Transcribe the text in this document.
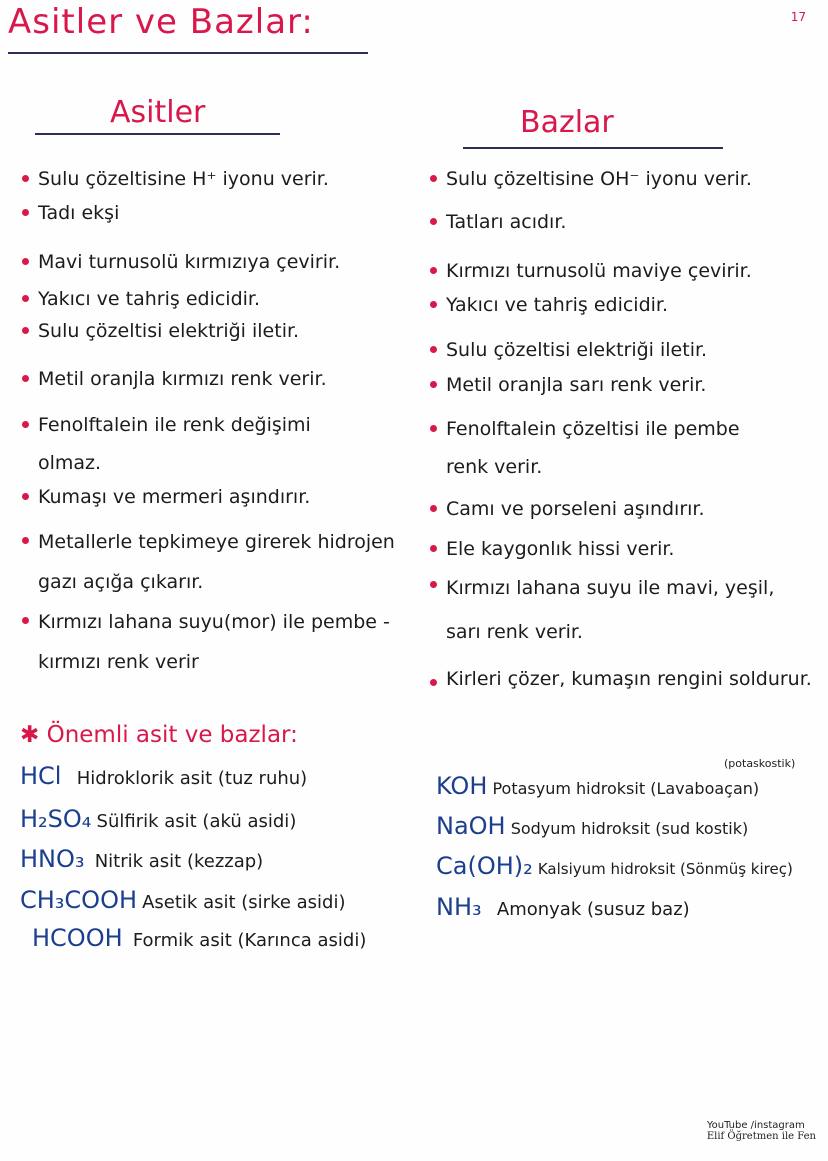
Asitler ve Bazlar:	17
Asitler	Bazlar
Sulu çözeltisine H⁺ iyonu verir.
Tadı ekşi
Mavi turnusolü kırmızıya çevirir.
Yakıcı ve tahriş edicidir.
Sulu çözeltisi elektriği iletir.
Metil oranjla kırmızı renk verir.
Fenolftalein ile renk değişimi olmaz.
Kumaşı ve mermeri aşındırır.
Metallerle tepkimeye girerek hidrojen gazı açığa çıkarır.
Kırmızı lahana suyu(mor) ile pembe - kırmızı renk verir
Sulu çözeltisine OH⁻ iyonu verir.
Tatları acıdır.
Kırmızı turnusolü maviye çevirir.
Yakıcı ve tahriş edicidir.
Sulu çözeltisi elektriği iletir.
Metil oranjla sarı renk verir.
Fenolftalein çözeltisi ile pembe renk verir.
Camı ve porseleni aşındırır.
Ele kaygonlık hissi verir.
Kırmızı lahana suyu ile mavi, yeşil, sarı renk verir.
Kirleri çözer, kumaşın rengini soldurur.
✱ Önemli asit ve bazlar:
HCl Hidroklorik asit (tuz ruhu)
H₂SO₄ Sülfirik asit (akü asidi)
HNO₃ Nitrik asit (kezzap)
CH₃COOH Asetik asit (sirke asidi)
HCOOH Formik asit (Karınca asidi)
(potaskostik)
KOH Potasyum hidroksit (Lavaboaçan)
NaOH Sodyum hidroksit (sud kostik)
Ca(OH)₂ Kalsiyum hidroksit (Sönmüş kireç)
NH₃ Amonyak (susuz baz)
YouTube /instagram
Elif Öğretmen ile Fen
